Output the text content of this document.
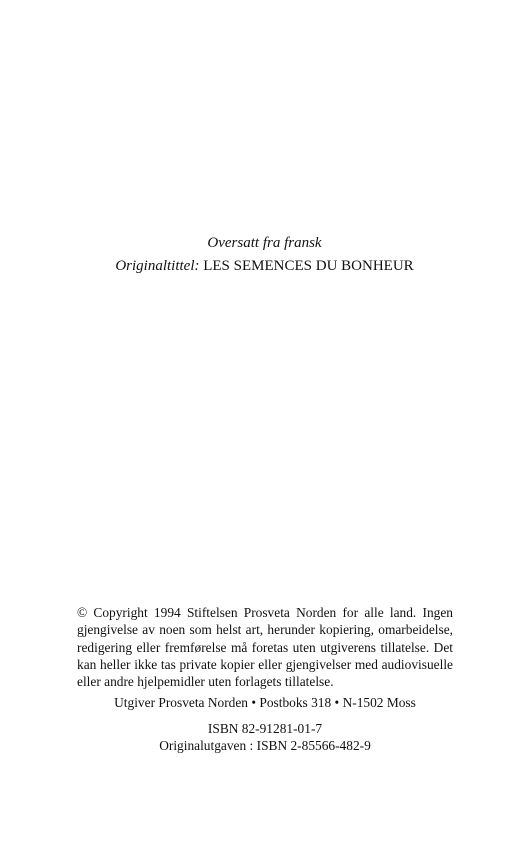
Oversatt fra fransk
Originaltittel: LES SEMENCES DU BONHEUR
© Copyright 1994 Stiftelsen Prosveta Norden for alle land. Ingen
gjengivelse av noen som helst art, herunder kopiering, omarbeidelse,
redigering eller fremførelse må foretas uten utgiverens tillatelse. Det
kan heller ikke tas private kopier eller gjengivelser med audiovisuelle
eller andre hjelpemidler uten forlagets tillatelse.
Utgiver Prosveta Norden • Postboks 318 • N-1502 Moss
ISBN 82-91281-01-7
Originalutgaven : ISBN 2-85566-482-9
